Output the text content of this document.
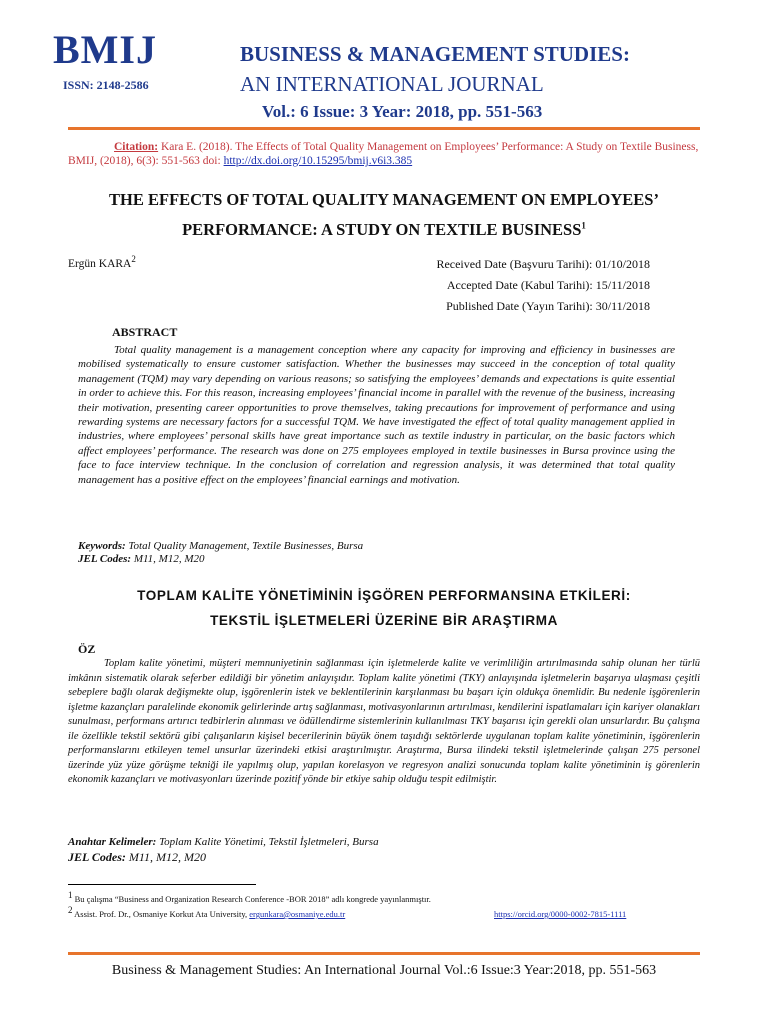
BMIJ
ISSN: 2148-2586
BUSINESS & MANAGEMENT STUDIES:
AN INTERNATIONAL JOURNAL
Vol.: 6 Issue: 3 Year: 2018, pp. 551-563
Citation: Kara E. (2018). The Effects of Total Quality Management on Employees’ Performance: A Study on Textile Business, BMIJ, (2018), 6(3): 551-563 doi: http://dx.doi.org/10.15295/bmij.v6i3.385
THE EFFECTS OF TOTAL QUALITY MANAGEMENT ON EMPLOYEES’
PERFORMANCE: A STUDY ON TEXTILE BUSINESS$^1$
Ergün KARA$^2$	Received Date (Başvuru Tarihi): 01/10/2018
Accepted Date (Kabul Tarihi): 15/11/2018
Published Date (Yayın Tarihi): 30/11/2018
ABSTRACT

Total quality management is a management conception where any capacity for improving and efficiency in businesses are mobilised systematically to ensure customer satisfaction. Whether the businesses may succeed in the conception of total quality management (TQM) may vary depending on various reasons; so satisfying the employees’ demands and expectations is quite essential in order to achieve this. For this reason, increasing employees’ financial income in parallel with the revenue of the business, increasing their motivation, presenting career opportunities to prove themselves, taking precautions for improvement of performance and using rewarding systems are necessary factors for a successful TQM. We have investigated the effect of total quality management applied in industries, where employees’ personal skills have great importance such as textile industry in particular, on the basic factors which affect employees’ performance. The research was done on 275 employees employed in textile businesses in Bursa province using the face to face interview technique. In the conclusion of correlation and regression analysis, it was determined that total quality management has a positive effect on the employees’ financial earnings and motivation.

Keywords: Total Quality Management, Textile Businesses, Bursa
JEL Codes: M11, M12, M20
TOPLAM KALİTE YÖNETİMİNİN İŞGÖREN PERFORMANSINA ETKİLERİ:
TEKSTİL İŞLETMELERİ ÜZERİNE BİR ARAŞTIRMA
ÖZ

Toplam kalite yönetimi, müşteri memnuniyetinin sağlanması için işletmelerde kalite ve verimliliğin artırılmasında sahip olunan her türlü imkânın sistematik olarak seferber edildiği bir yönetim anlayışıdır. Toplam kalite yönetimi (TKY) anlayışında işletmelerin başarıya ulaşması çeşitli sebeplere bağlı olarak değişmekte olup, işgörenlerin istek ve beklentilerinin karşılanması bu başarı için oldukça önemlidir. Bu nedenle işgörenlerin işletme kazançları paralelinde ekonomik gelirlerinde artış sağlanması, motivasyonlarının artırılması, kendilerini ispatlamaları için kariyer olanakları sunulması, performans artırıcı tedbirlerin alınması ve ödüllendirme sistemlerinin kullanılması TKY başarısı için gerekli olan unsurlardır. Bu çalışma ile özellikle tekstil sektörü gibi çalışanların kişisel becerilerinin büyük önem taşıdığı sektörlerde uygulanan toplam kalite yönetiminin, işgörenlerin performanslarını etkileyen temel unsurlar üzerindeki etkisi araştırılmıştır. Araştırma, Bursa ilindeki tekstil işletmelerinde çalışan 275 personel üzerinde yüz yüze görüşme tekniği ile yapılmış olup, yapılan korelasyon ve regresyon analizi sonucunda toplam kalite yönetiminin iş görenlerin ekonomik kazançları ve motivasyonları üzerinde pozitif yönde bir etkiye sahip olduğu tespit edilmiştir.

Anahtar Kelimeler: Toplam Kalite Yönetimi, Tekstil İşletmeleri, Bursa
JEL Codes: M11, M12, M20
$^1$ Bu çalışma “Business and Organization Research Conference -BOR 2018” adlı kongrede yayınlanmıştır.
$^2$ Assist. Prof. Dr., Osmaniye Korkut Ata University, ergunkara@osmaniye.edu.tr	https://orcid.org/0000-0002-7815-1111
Business & Management Studies: An International Journal Vol.:6 Issue:3 Year:2018, pp. 551-563
